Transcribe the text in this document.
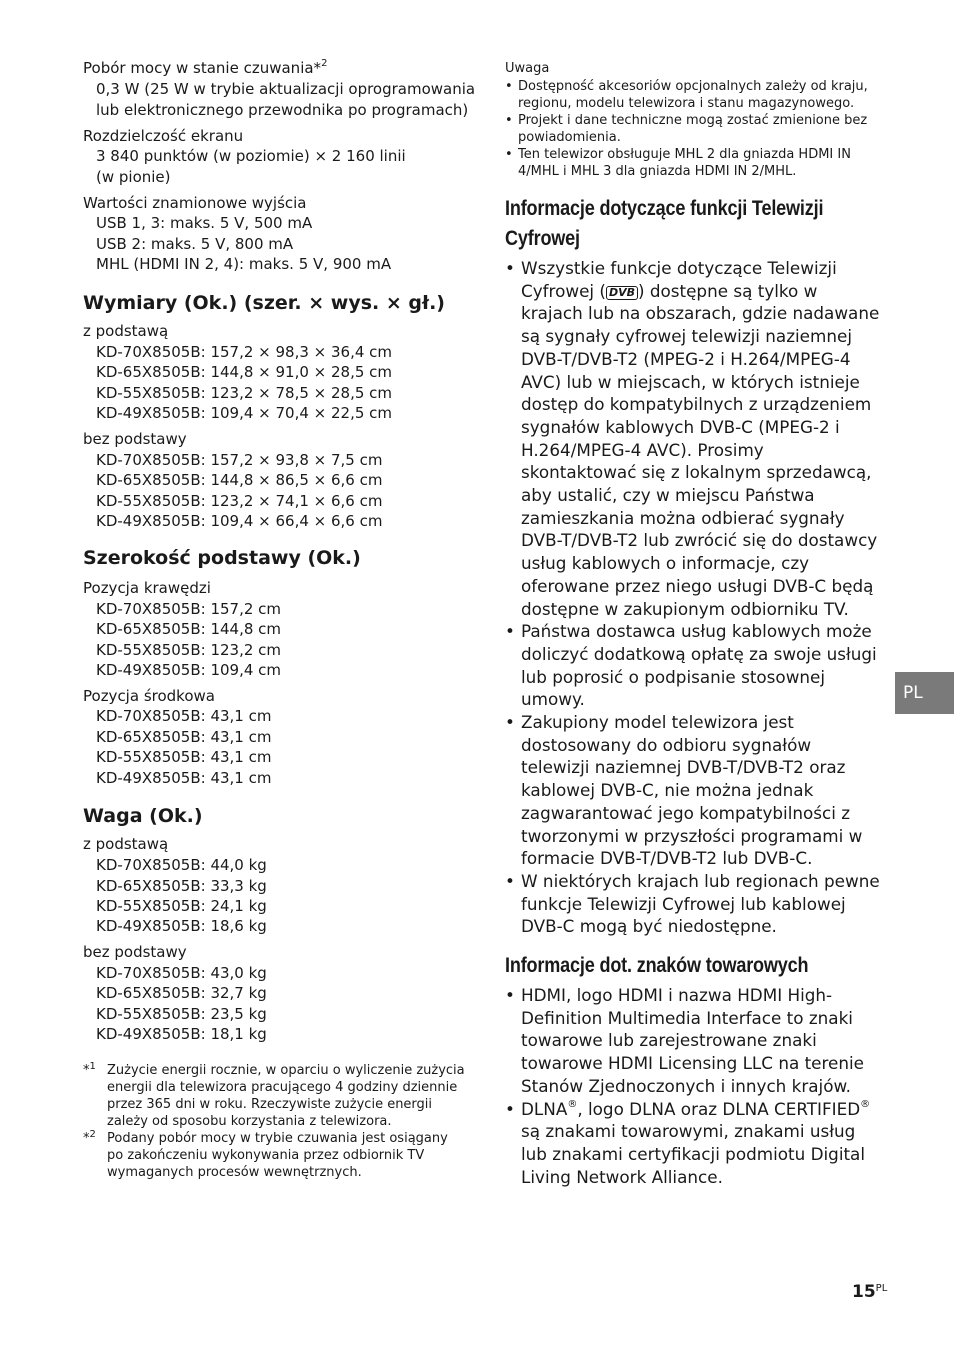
Pobór mocy w stanie czuwania*$^2$
0,3 W (25 W w trybie aktualizacji oprogramowania
lub elektronicznego przewodnika po programach)
Rozdzielczość ekranu
3 840 punktów (w poziomie) × 2 160 linii
(w pionie)
Wartości znamionowe wyjścia
USB 1, 3: maks. 5 V, 500 mA
USB 2: maks. 5 V, 800 mA
MHL (HDMI IN 2, 4): maks. 5 V, 900 mA
Wymiary (Ok.) (szer. × wys. × gł.)
z podstawą
KD-70X8505B: 157,2 × 98,3 × 36,4 cm
KD-65X8505B: 144,8 × 91,0 × 28,5 cm
KD-55X8505B: 123,2 × 78,5 × 28,5 cm
KD-49X8505B: 109,4 × 70,4 × 22,5 cm
bez podstawy
KD-70X8505B: 157,2 × 93,8 × 7,5 cm
KD-65X8505B: 144,8 × 86,5 × 6,6 cm
KD-55X8505B: 123,2 × 74,1 × 6,6 cm
KD-49X8505B: 109,4 × 66,4 × 6,6 cm
Szerokość podstawy (Ok.)
Pozycja krawędzi
KD-70X8505B: 157,2 cm
KD-65X8505B: 144,8 cm
KD-55X8505B: 123,2 cm
KD-49X8505B: 109,4 cm
Pozycja środkowa
KD-70X8505B: 43,1 cm
KD-65X8505B: 43,1 cm
KD-55X8505B: 43,1 cm
KD-49X8505B: 43,1 cm
Waga (Ok.)
z podstawą
KD-70X8505B: 44,0 kg
KD-65X8505B: 33,3 kg
KD-55X8505B: 24,1 kg
KD-49X8505B: 18,6 kg
bez podstawy
KD-70X8505B: 43,0 kg
KD-65X8505B: 32,7 kg
KD-55X8505B: 23,5 kg
KD-49X8505B: 18,1 kg
*$^1$ Zużycie energii rocznie, w oparciu o wyliczenie zużycia energii dla telewizora pracującego 4 godziny dziennie przez 365 dni w roku. Rzeczywiste zużycie energii zależy od sposobu korzystania z telewizora.
*$^2$ Podany pobór mocy w trybie czuwania jest osiągany po zakończeniu wykonywania przez odbiornik TV wymaganych procesów wewnętrznych.
Uwaga
• Dostępność akcesoriów opcjonalnych zależy od kraju, regionu, modelu telewizora i stanu magazynowego.
• Projekt i dane techniczne mogą zostać zmienione bez powiadomienia.
• Ten telewizor obsługuje MHL 2 dla gniazda HDMI IN 4/MHL i MHL 3 dla gniazda HDMI IN 2/MHL.
Informacje dotyczące funkcji Telewizji Cyfrowej
• Wszystkie funkcje dotyczące Telewizji Cyfrowej ( DVB ) dostępne są tylko w krajach lub na obszarach, gdzie nadawane są sygnały cyfrowej telewizji naziemnej DVB-T/DVB-T2 (MPEG-2 i H.264/MPEG-4 AVC) lub w miejscach, w których istnieje dostęp do kompatybilnych z urządzeniem sygnałów kablowych DVB-C (MPEG-2 i H.264/MPEG-4 AVC). Prosimy skontaktować się z lokalnym sprzedawcą, aby ustalić, czy w miejscu Państwa zamieszkania można odbierać sygnały DVB-T/DVB-T2 lub zwrócić się do dostawcy usług kablowych o informacje, czy oferowane przez niego usługi DVB-C będą dostępne w zakupionym odbiorniku TV.
• Państwa dostawca usług kablowych może doliczyć dodatkową opłatę za swoje usługi lub poprosić o podpisanie stosownej umowy.
• Zakupiony model telewizora jest dostosowany do odbioru sygnałów telewizji naziemnej DVB-T/DVB-T2 oraz kablowej DVB-C, nie można jednak zagwarantować jego kompatybilności z tworzonymi w przyszłości programami w formacie DVB-T/DVB-T2 lub DVB-C.
• W niektórych krajach lub regionach pewne funkcje Telewizji Cyfrowej lub kablowej DVB-C mogą być niedostępne.
Informacje dot. znaków towarowych
• HDMI, logo HDMI i nazwa HDMI High-Definition Multimedia Interface to znaki towarowe lub zarejestrowane znaki towarowe HDMI Licensing LLC na terenie Stanów Zjednoczonych i innych krajów.
• DLNA®, logo DLNA oraz DLNA CERTIFIED® są znakami towarowymi, znakami usług lub znakami certyfikacji podmiotu Digital Living Network Alliance.
PL
$15^{PL}$
